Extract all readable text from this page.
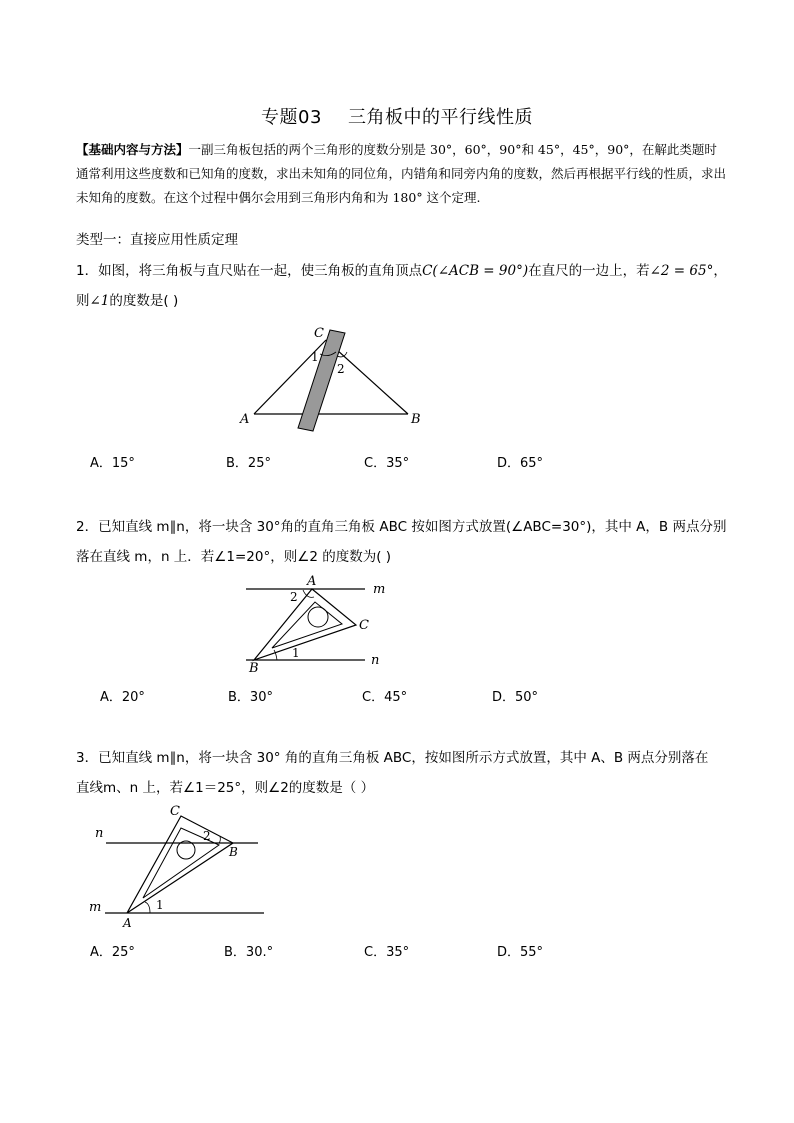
专题03 三角板中的平行线性质
【基础内容与方法】一副三角板包括的两个三角形的度数分别是 30°，60°，90°和 45°，45°，90°，在解此类题时通常利用这些度数和已知角的度数，求出未知角的同位角，内错角和同旁内角的度数，然后再根据平行线的性质，求出未知角的度数。在这个过程中偶尔会用到三角形内角和为 180° 这个定理.
类型一：直接应用性质定理
1．如图，将三角板与直尺贴在一起，使三角板的直角顶点C(∠ACB = 90°)在直尺的一边上，若∠2 = 65°，
则∠1的度数是( )
C
A	B
1
2
A
B
C
m
n
2
1
C
B
A
n
m
2
1
A．15°	B．25°	C．35°	D．65°
2．已知直线 m∥n，将一块含 30°角的直角三角板 ABC 按如图方式放置(∠ABC=30°)，其中 A，B 两点分别
落在直线 m，n 上．若∠1=20°，则∠2 的度数为( )
A．20°	B．30°	C．45°	D．50°
3．已知直线 m∥n，将一块含 30° 角的直角三角板 ABC，按如图所示方式放置，其中 A、B 两点分别落在
直线m、n 上，若∠1＝25°，则∠2的度数是（ ）
A．25°	B．30.°	C．35°	D．55°
